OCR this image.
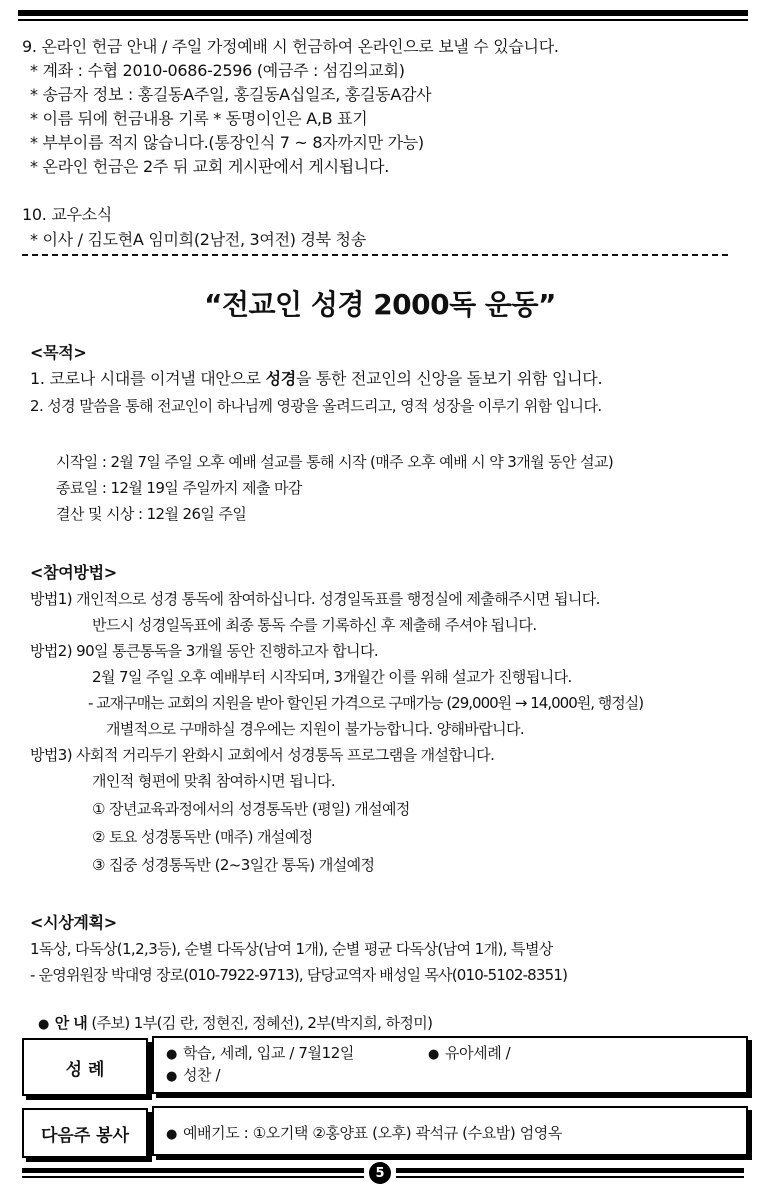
9. 온라인 헌금 안내 / 주일 가정예배 시 헌금하여 온라인으로 보낼 수 있습니다.
* 계좌 : 수협 2010-0686-2596 (예금주 : 섬김의교회)
* 송금자 정보 : 홍길동A주일, 홍길동A십일조, 홍길동A감사
* 이름 뒤에 헌금내용 기록 * 동명이인은 A,B 표기
* 부부이름 적지 않습니다.(통장인식 7 ~ 8자까지만 가능)
* 온라인 헌금은 2주 뒤 교회 게시판에서 게시됩니다.
10. 교우소식
* 이사 / 김도현A 임미희(2남전, 3여전) 경북 청송
“전교인 성경 2000독 운동”
<목적>
1. 코로나 시대를 이겨낼 대안으로 성경을 통한 전교인의 신앙을 돌보기 위함 입니다.
2. 성경 말씀을 통해 전교인이 하나님께 영광을 올려드리고, 영적 성장을 이루기 위함 입니다.
시작일 : 2월 7일 주일 오후 예배 설교를 통해 시작 (매주 오후 예배 시 약 3개월 동안 설교)
종료일 : 12월 19일 주일까지 제출 마감
결산 및 시상 : 12월 26일 주일
<참여방법>
방법1) 개인적으로 성경 통독에 참여하십니다. 성경일독표를 행정실에 제출해주시면 됩니다.
반드시 성경일독표에 최종 통독 수를 기록하신 후 제출해 주셔야 됩니다.
방법2) 90일 통큰통독을 3개월 동안 진행하고자 합니다.
2월 7일 주일 오후 예배부터 시작되며, 3개월간 이를 위해 설교가 진행됩니다.
- 교재구매는 교회의 지원을 받아 할인된 가격으로 구매가능 (29,000원 → 14,000원, 행정실)
개별적으로 구매하실 경우에는 지원이 불가능합니다. 양해바랍니다.
방법3) 사회적 거리두기 완화시 교회에서 성경통독 프로그램을 개설합니다.
개인적 형편에 맞춰 참여하시면 됩니다.
① 장년교육과정에서의 성경통독반 (평일) 개설예정
② 토요 성경통독반 (매주) 개설예정
③ 집중 성경통독반 (2~3일간 통독) 개설예정
<시상계획>
1독상, 다독상(1,2,3등), 순별 다독상(남여 1개), 순별 평균 다독상(남여 1개), 특별상
- 운영위원장 박대영 장로(010-7922-9713), 담당교역자 배성일 목사(010-5102-8351)
● 안 내 (주보) 1부(김 란, 정현진, 정혜선), 2부(박지희, 하정미)
성 례
● 학습, 세례, 입교 / 7월12일	● 유아세례 /
● 성찬 /
다음주 봉사	● 예배기도 : ①오기택 ②홍양표 (오후) 곽석규 (수요밤) 엄영옥
5
